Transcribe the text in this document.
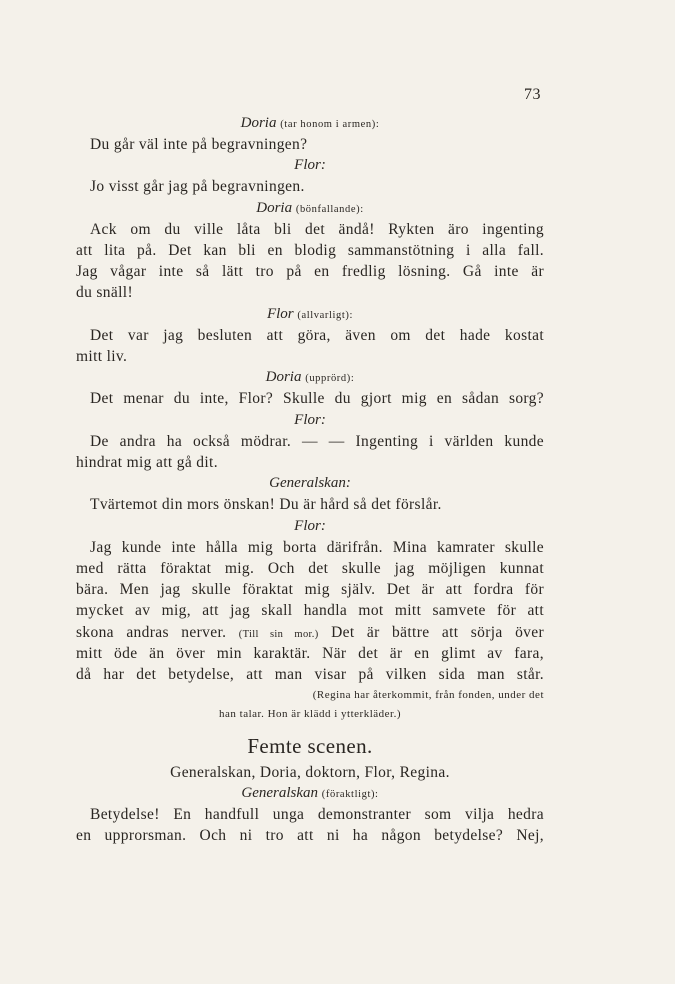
73
Doria (tar honom i armen):
Du går väl inte på begravningen?
Flor:
Jo visst går jag på begravningen.
Doria (bönfallande):
Ack om du ville låta bli det ändå! Rykten äro ingenting
att lita på. Det kan bli en blodig sammanstötning i alla fall.
Jag vågar inte så lätt tro på en fredlig lösning. Gå inte är
du snäll!
Flor (allvarligt):
Det var jag besluten att göra, även om det hade kostat
mitt liv.
Doria (upprörd):
Det menar du inte, Flor? Skulle du gjort mig en sådan sorg?
Flor:
De andra ha också mödrar. — — Ingenting i världen kunde
hindrat mig att gå dit.
Generalskan:
Tvärtemot din mors önskan! Du är hård så det förslår.
Flor:
Jag kunde inte hålla mig borta därifrån. Mina kamrater skulle
med rätta föraktat mig. Och det skulle jag möjligen kunnat
bära. Men jag skulle föraktat mig själv. Det är att fordra för
mycket av mig, att jag skall handla mot mitt samvete för att
skona andras nerver. (Till sin mor.) Det är bättre att sörja över
mitt öde än över min karaktär. När det är en glimt av fara,
då har det betydelse, att man visar på vilken sida man står.
(Regina har återkommit, från fonden, under det
han talar. Hon är klädd i ytterkläder.)
Femte scenen.
Generalskan, Doria, doktorn, Flor, Regina.
Generalskan (föraktligt):
Betydelse! En handfull unga demonstranter som vilja hedra
en upprorsman. Och ni tro att ni ha någon betydelse? Nej,
